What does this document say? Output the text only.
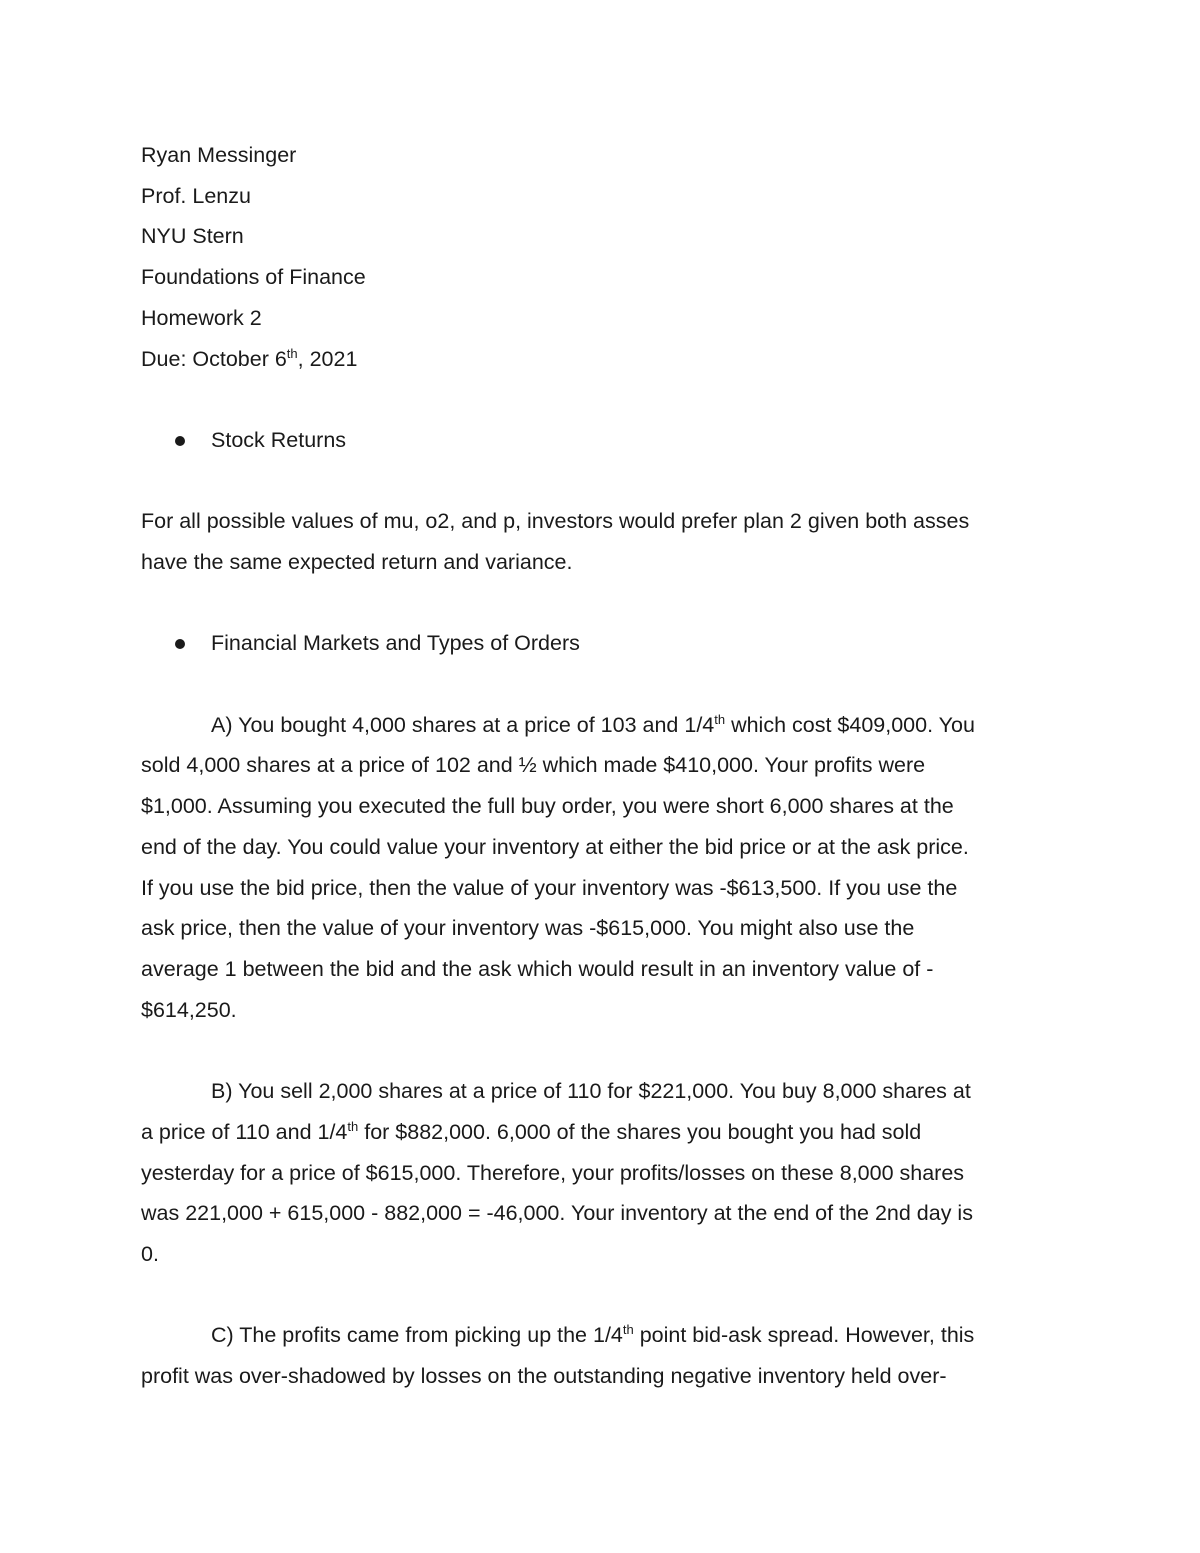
Ryan Messinger

Prof. Lenzu

NYU Stern

Foundations of Finance

Homework 2

Due: October 6th, 2021

Stock Returns

For all possible values of mu, o2, and p, investors would prefer plan 2 given both asses

have the same expected return and variance.

Financial Markets and Types of Orders

A) You bought 4,000 shares at a price of 103 and 1/4th which cost $409,000. You

sold 4,000 shares at a price of 102 and ½ which made $410,000. Your profits were

$1,000. Assuming you executed the full buy order, you were short 6,000 shares at the

end of the day. You could value your inventory at either the bid price or at the ask price.

If you use the bid price, then the value of your inventory was -$613,500. If you use the

ask price, then the value of your inventory was -$615,000. You might also use the

average 1 between the bid and the ask which would result in an inventory value of -

$614,250.

B) You sell 2,000 shares at a price of 110 for $221,000. You buy 8,000 shares at

a price of 110 and 1/4th for $882,000. 6,000 of the shares you bought you had sold

yesterday for a price of $615,000. Therefore, your profits/losses on these 8,000 shares

was 221,000 + 615,000 - 882,000 = -46,000. Your inventory at the end of the 2nd day is

0.

C) The profits came from picking up the 1/4th point bid-ask spread. However, this

profit was over-shadowed by losses on the outstanding negative inventory held over-
